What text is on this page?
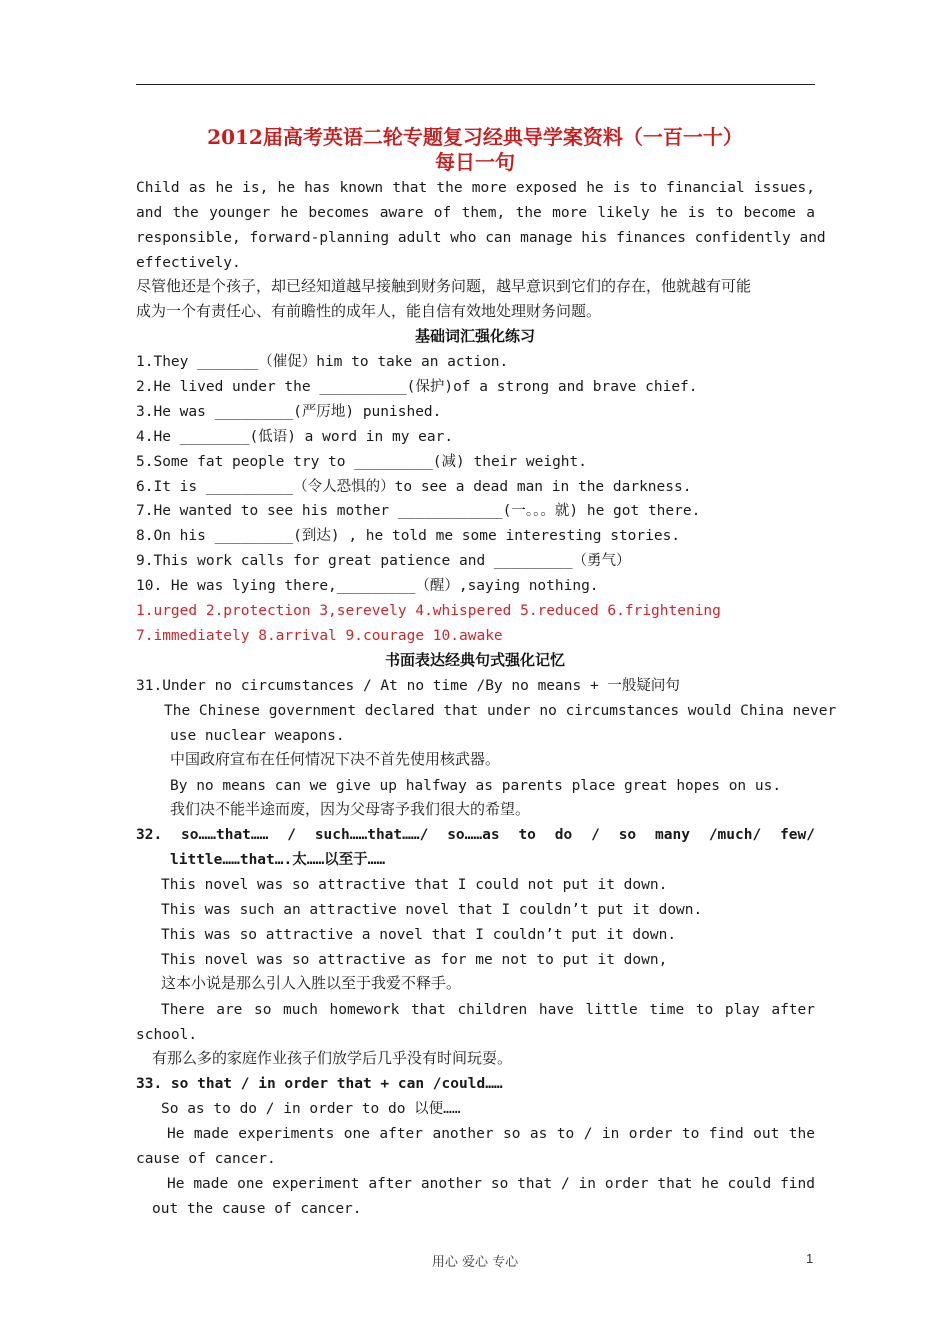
2012届高考英语二轮专题复习经典导学案资料（一百一十）
每日一句
Child as he is, he has known that the more exposed he is to financial issues,
and the younger he becomes aware of them, the more likely he is to become a
responsible, forward-planning adult who can manage his finances confidently and
effectively.
尽管他还是个孩子，却已经知道越早接触到财务问题，越早意识到它们的存在，他就越有可能
成为一个有责任心、有前瞻性的成年人，能自信有效地处理财务问题。
基础词汇强化练习
1.They _______（催促）him to take an action.
2.He lived under the __________(保护)of a strong and brave chief.
3.He was _________(严厉地) punished.
4.He ________(低语) a word in my ear.
5.Some fat people try to _________(减) their weight.
6.It is __________（令人恐惧的）to see a dead man in the darkness.
7.He wanted to see his mother ____________(一。。。就) he got there.
8.On his _________(到达) , he told me some interesting stories.
9.This work calls for great patience and _________（勇气）
10. He was lying there,_________（醒）,saying nothing.
1.urged 2.protection 3,serevely 4.whispered 5.reduced 6.frightening
7.immediately 8.arrival 9.courage 10.awake
书面表达经典句式强化记忆
31.Under no circumstances / At no time /By no means + 一般疑问句
The Chinese government declared that under no circumstances would China never
use nuclear weapons.
中国政府宣布在任何情况下决不首先使用核武器。
By no means can we give up halfway as parents place great hopes on us.
我们决不能半途而废，因为父母寄予我们很大的希望。
32. so……that…… / such……that……/ so……as to do / so many /much/ few/
little……that….太……以至于……
This novel was so attractive that I could not put it down.
This was such an attractive novel that I couldn’t put it down.
This was so attractive a novel that I couldn’t put it down.
This novel was so attractive as for me not to put it down,
这本小说是那么引人入胜以至于我爱不释手。
There are so much homework that children have little time to play after
school.
有那么多的家庭作业孩子们放学后几乎没有时间玩耍。
33. so that / in order that + can /could……
So as to do / in order to do 以便……
He made experiments one after another so as to / in order to find out the
cause of cancer.
He made one experiment after another so that / in order that he could find
out the cause of cancer.
用心 爱心 专心	1
